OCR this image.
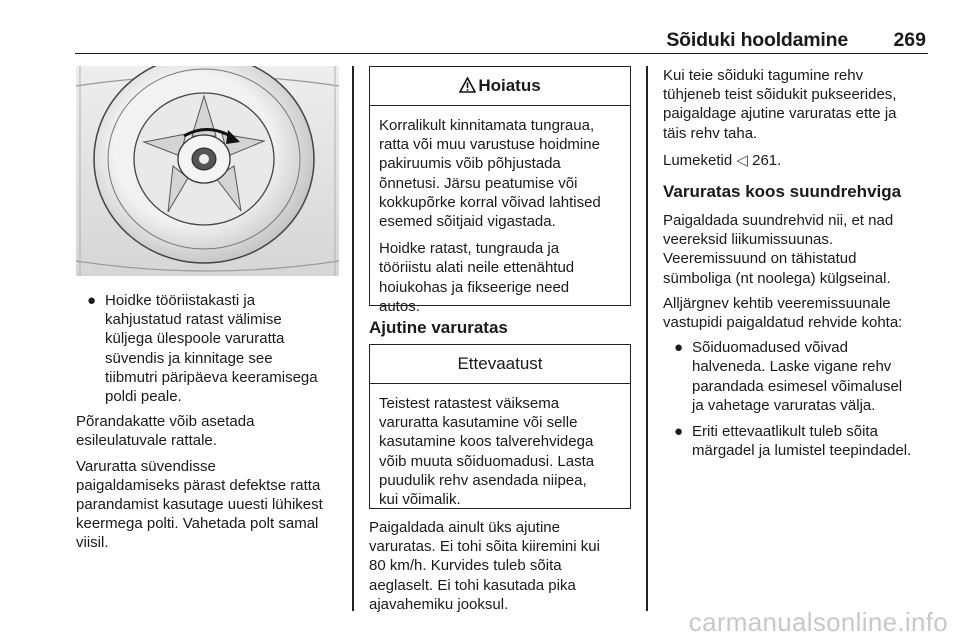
Sõiduki hooldamine 269
● Hoidke tööriistakasti ja
kahjustatud ratast välimise
küljega ülespoole varuratta
süvendis ja kinnitage see
tiibmutri päripäeva keeramisega
poldi peale.
Põrandakatte võib asetada
esileulatuvale rattale.
Varuratta süvendisse
paigaldamiseks pärast defektse ratta
parandamist kasutage uuesti lühikest
keermega polti. Vahetada polt samal
viisil.
Hoiatus

Korralikult kinnitamata tungraua,
ratta või muu varustuse hoidmine
pakiruumis võib põhjustada
õnnetusi. Järsu peatumise või
kokkupõrke korral võivad lahtised
esemed sõitjaid vigastada.

Hoidke ratast, tungrauda ja
tööriistu alati neile ettenähtud
hoiukohas ja fikseerige need
autos.

Ajutine varuratas
Ettevaatust

Teistest ratastest väiksema
varuratta kasutamine või selle
kasutamine koos talverehvidega
võib muuta sõiduomadusi. Lasta
puudulik rehv asendada niipea,
kui võimalik.

Paigaldada ainult üks ajutine
varuratas. Ei tohi sõita kiiremini kui
80 km/h. Kurvides tuleb sõita
aeglaselt. Ei tohi kasutada pika
ajavahemiku jooksul.
Kui teie sõiduki tagumine rehv
tühjeneb teist sõidukit pukseerides,
paigaldage ajutine varuratas ette ja
täis rehv taha.
Lumeketid ◁ 261.
Varuratas koos suundrehviga
Paigaldada suundrehvid nii, et nad
veereksid liikumissuunas.
Veeremissuund on tähistatud
sümboliga (nt noolega) külgseinal.
Alljärgnev kehtib veeremissuunale
vastupidi paigaldatud rehvide kohta:
● Sõiduomadused võivad
halveneda. Laske vigane rehv
parandada esimesel võimalusel
ja vahetage varuratas välja.
● Eriti ettevaatlikult tuleb sõita
märgadel ja lumistel teepindadel.
carmanualsonline.info
